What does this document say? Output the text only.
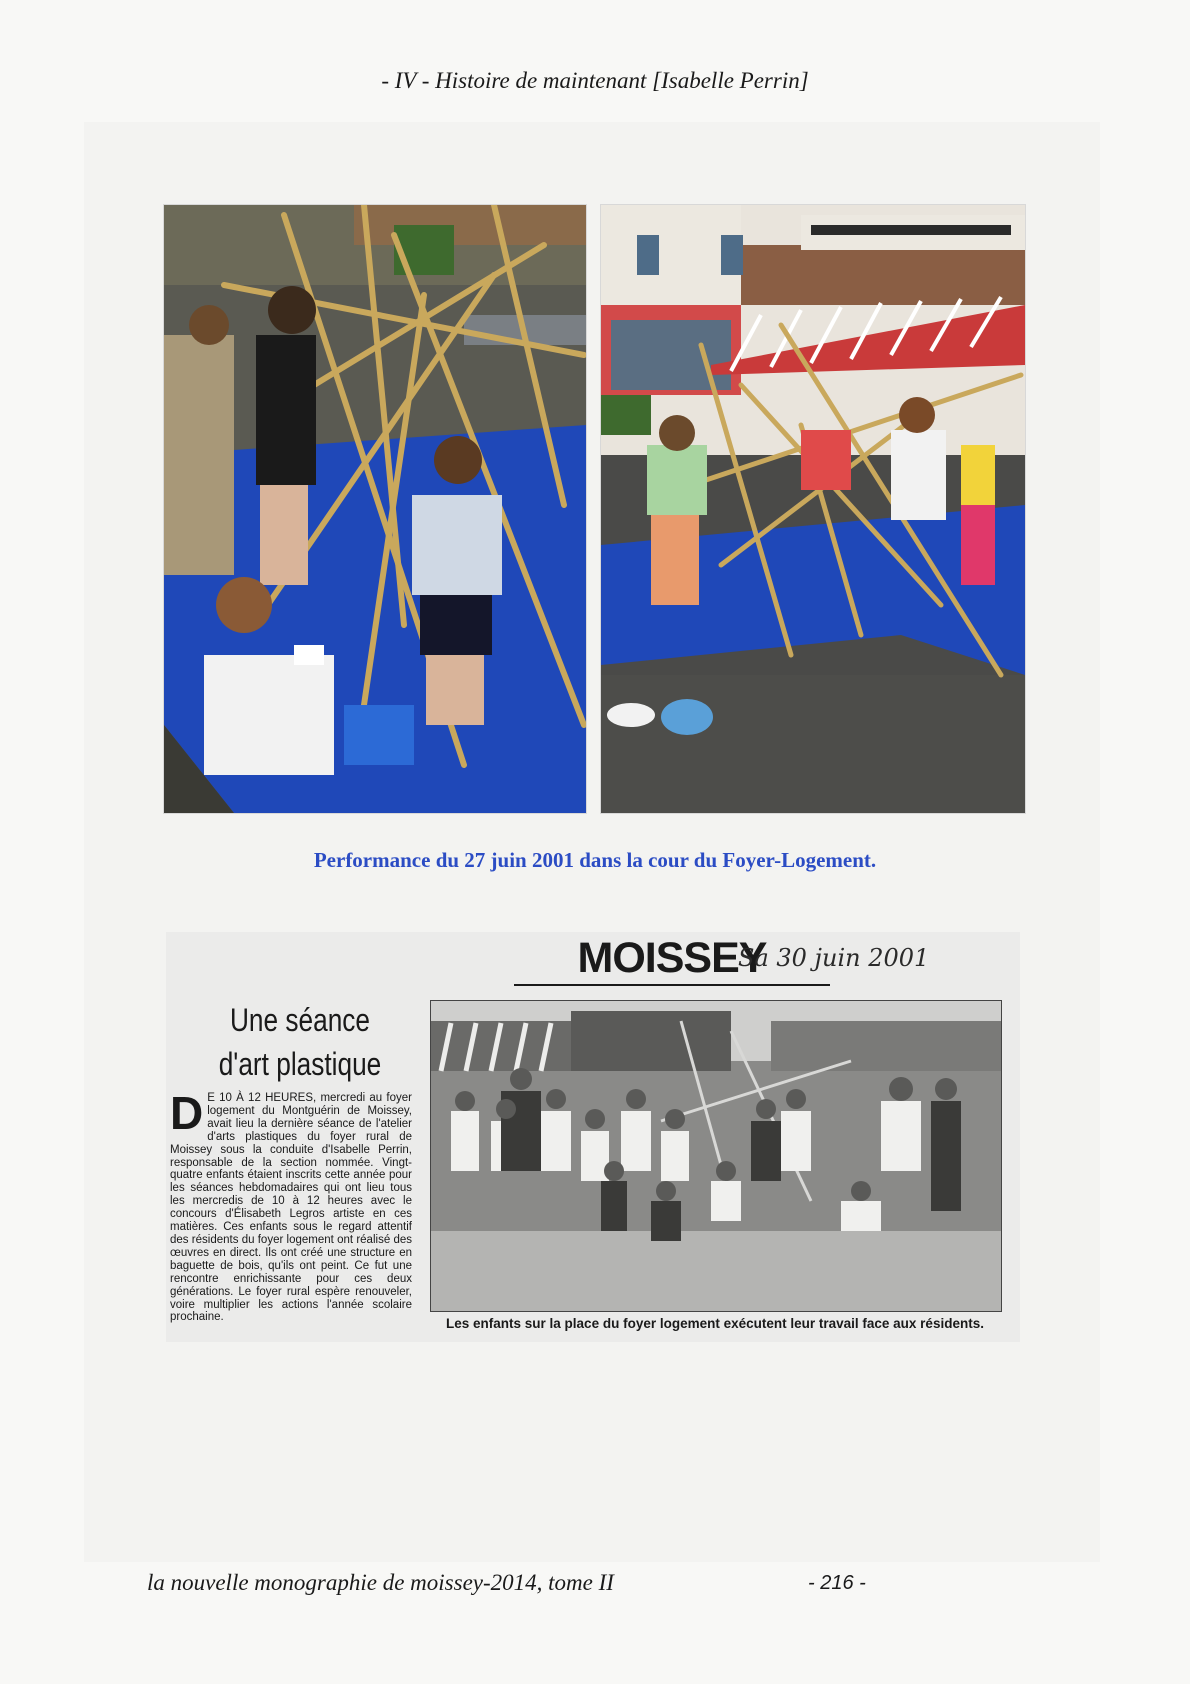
- IV - Histoire de maintenant [Isabelle Perrin]
Performance du 27 juin 2001 dans la cour du Foyer-Logement.
MOISSEY
Sa 30 juin 2001
Une séance
d'art plastique
D E 10 À 12 HEURES, mercredi au foyer logement du Montguérin de Moissey, avait lieu la dernière séance de l'atelier d'arts plastiques du foyer rural de Moissey sous la conduite d'Isabelle Perrin, responsable de la section nommée. Vingt-quatre enfants étaient inscrits cette année pour les séances hebdomadaires qui ont lieu tous les mercredis de 10 à 12 heures avec le concours d'Élisabeth Legros artiste en ces matières. Ces enfants sous le regard attentif des résidents du foyer logement ont réalisé des œuvres en direct. Ils ont créé une structure en baguette de bois, qu'ils ont peint. Ce fut une rencontre enrichissante pour ces deux générations. Le foyer rural espère renouveler, voire multiplier les actions l'année scolaire prochaine.	Les enfants sur la place du foyer logement exécutent leur travail face aux résidents.
la nouvelle monographie de moissey-2014, tome II	- 216 -
